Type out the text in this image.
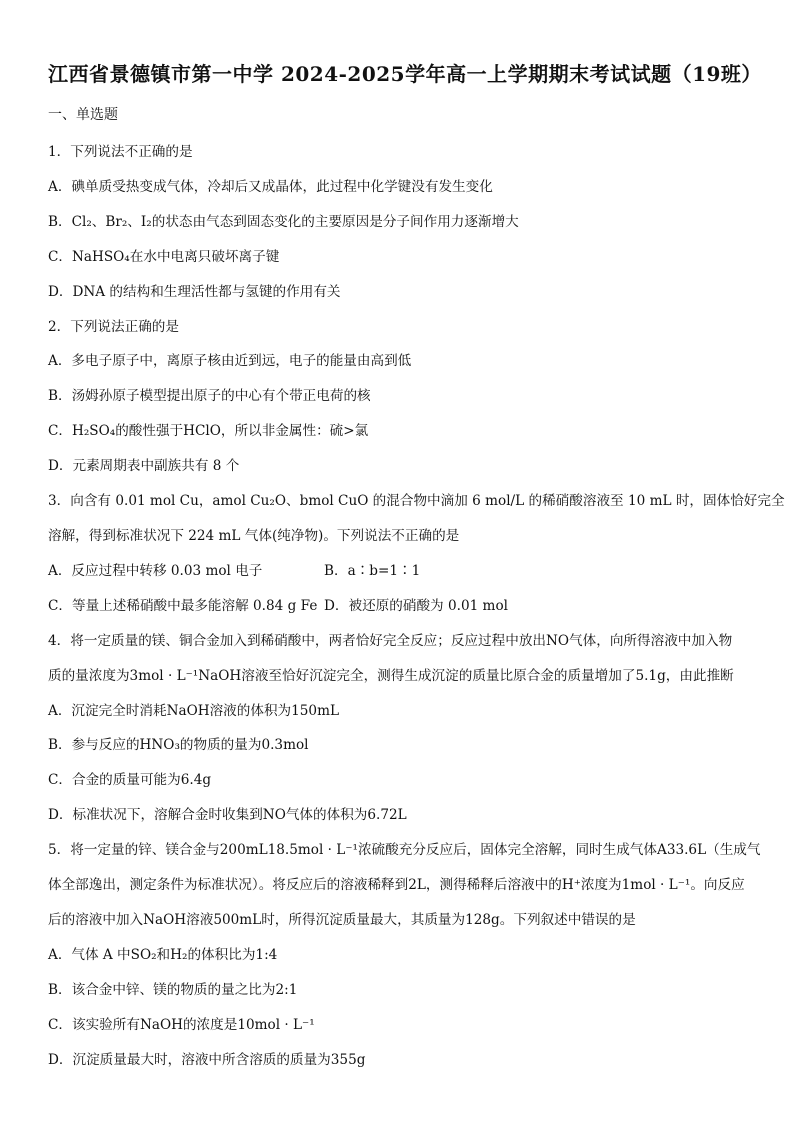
江西省景德镇市第一中学 2024-2025学年高一上学期期末考试试题（19班）
一、单选题
1．下列说法不正确的是
A．碘单质受热变成气体，冷却后又成晶体，此过程中化学键没有发生变化
B．Cl₂、Br₂、I₂的状态由气态到固态变化的主要原因是分子间作用力逐渐增大
C．NaHSO₄在水中电离只破坏离子键
D．DNA 的结构和生理活性都与氢键的作用有关
2．下列说法正确的是
A．多电子原子中，离原子核由近到远，电子的能量由高到低
B．汤姆孙原子模型提出原子的中心有个带正电荷的核
C．H₂SO₄的酸性强于HClO，所以非金属性：硫>氯
D．元素周期表中副族共有 8 个
3．向含有 0.01 mol Cu，amol Cu₂O、bmol CuO 的混合物中滴加 6 mol/L 的稀硝酸溶液至 10 mL 时，固体恰好完全
溶解，得到标准状况下 224 mL 气体(纯净物)。下列说法不正确的是
A．反应过程中转移 0.03 mol 电子	B．a∶b=1∶1
C．等量上述稀硝酸中最多能溶解 0.84 g Fe D．被还原的硝酸为 0.01 mol
4．将一定质量的镁、铜合金加入到稀硝酸中，两者恰好完全反应；反应过程中放出NO气体，向所得溶液中加入物
质的量浓度为3mol · L⁻¹NaOH溶液至恰好沉淀完全，测得生成沉淀的质量比原合金的质量增加了5.1g，由此推断
A．沉淀完全时消耗NaOH溶液的体积为150mL
B．参与反应的HNO₃的物质的量为0.3mol
C．合金的质量可能为6.4g
D．标准状况下，溶解合金时收集到NO气体的体积为6.72L
5．将一定量的锌、镁合金与200mL18.5mol · L⁻¹浓硫酸充分反应后，固体完全溶解，同时生成气体A33.6L（生成气
体全部逸出，测定条件为标准状况）。将反应后的溶液稀释到2L，测得稀释后溶液中的H⁺浓度为1mol · L⁻¹。向反应
后的溶液中加入NaOH溶液500mL时，所得沉淀质量最大，其质量为128g。下列叙述中错误的是
A．气体 A 中SO₂和H₂的体积比为1:4
B．该合金中锌、镁的物质的量之比为2:1
C．该实验所有NaOH的浓度是10mol · L⁻¹
D．沉淀质量最大时，溶液中所含溶质的质量为355g
